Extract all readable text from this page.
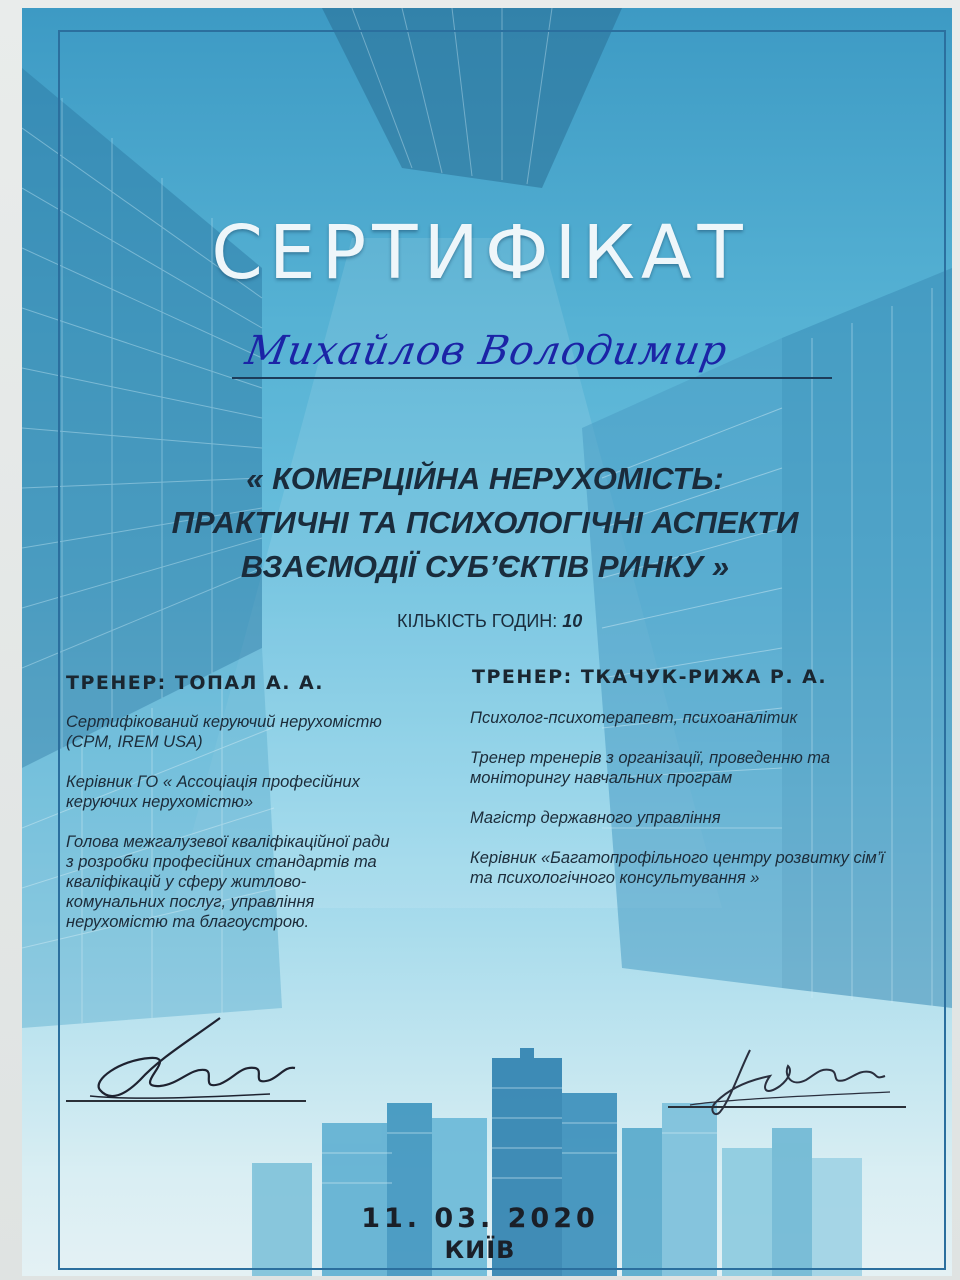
СЕРТИФІКАТ
Михайлов Володимир
« КОМЕРЦІЙНА НЕРУХОМІСТЬ:
ПРАКТИЧНІ ТА ПСИХОЛОГІЧНІ АСПЕКТИ
ВЗАЄМОДІЇ СУБ’ЄКТІВ РИНКУ »
КІЛЬКІСТЬ ГОДИН: 10
ТРЕНЕР: ТОПАЛ А. А.

Сертифікований керуючий нерухомістю (CPM, IREM USA)

Керівник ГО « Ассоціація професійних керуючих нерухомістю»

Голова межгалузевої кваліфікаційної ради з розробки професійних стандартів та кваліфікацій у сферу житлово-комунальних послуг, управління нерухомістю та благоустрою.

ТРЕНЕР: ТКАЧУК-РИЖА Р. А.

Психолог-психотерапевт, психоаналітик

Тренер тренерів з організації, проведенню та моніторингу навчальних програм

Магістр державного управління

Керівник «Багатопрофільного центру розвитку сім’ї та психологічного консультування »

11. 03. 2020
КИЇВ
